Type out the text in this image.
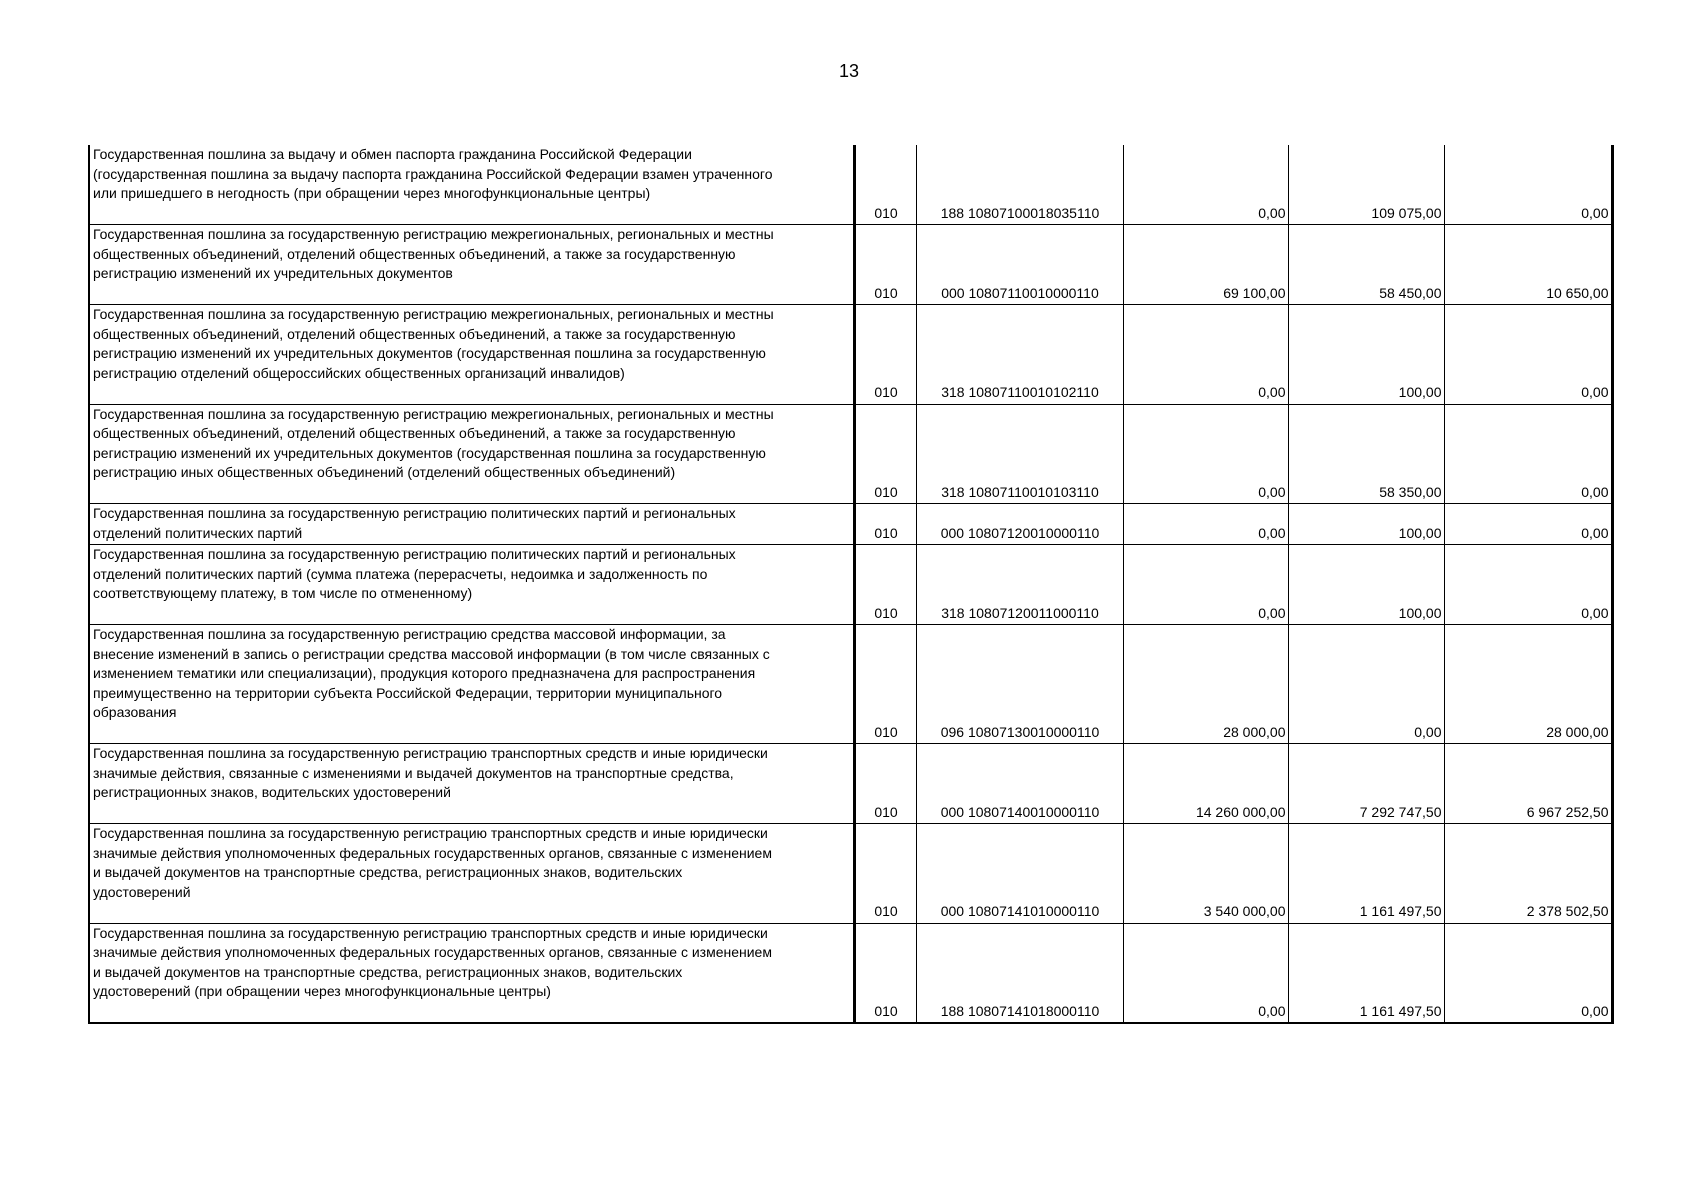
13
Государственная пошлина за выдачу и обмен паспорта гражданина Российской Федерации
(государственная пошлина за выдачу паспорта гражданина Российской Федерации взамен утраченного
или пришедшего в негодность (при обращении через многофункциональные центры)	010	188 10807100018035110	0,00	109 075,00	0,00

Государственная пошлина за государственную регистрацию межрегиональных, региональных и местны
общественных объединений, отделений общественных объединений, а также за государственную
регистрацию изменений их учредительных документов	010	000 10807110010000110	69 100,00	58 450,00	10 650,00

Государственная пошлина за государственную регистрацию межрегиональных, региональных и местны
общественных объединений, отделений общественных объединений, а также за государственную
регистрацию изменений их учредительных документов (государственная пошлина за государственную
регистрацию отделений общероссийских общественных организаций инвалидов)	010	318 10807110010102110	0,00	100,00	0,00

Государственная пошлина за государственную регистрацию межрегиональных, региональных и местны
общественных объединений, отделений общественных объединений, а также за государственную
регистрацию изменений их учредительных документов (государственная пошлина за государственную
регистрацию иных общественных объединений (отделений общественных объединений)	010	318 10807110010103110	0,00	58 350,00	0,00

Государственная пошлина за государственную регистрацию политических партий и региональных
отделений политических партий	010	000 10807120010000110	0,00	100,00	0,00

Государственная пошлина за государственную регистрацию политических партий и региональных
отделений политических партий (сумма платежа (перерасчеты, недоимка и задолженность по
соответствующему платежу, в том числе по отмененному)	010	318 10807120011000110	0,00	100,00	0,00

Государственная пошлина за государственную регистрацию средства массовой информации, за
внесение изменений в запись о регистрации средства массовой информации (в том числе связанных с
изменением тематики или специализации), продукция которого предназначена для распространения
преимущественно на территории субъекта Российской Федерации, территории муниципального
образования	010	096 10807130010000110	28 000,00	0,00	28 000,00

Государственная пошлина за государственную регистрацию транспортных средств и иные юридически
значимые действия, связанные с изменениями и выдачей документов на транспортные средства,
регистрационных знаков, водительских удостоверений	010	000 10807140010000110	14 260 000,00	7 292 747,50	6 967 252,50

Государственная пошлина за государственную регистрацию транспортных средств и иные юридически
значимые действия уполномоченных федеральных государственных органов, связанные с изменением
и выдачей документов на транспортные средства, регистрационных знаков, водительских
удостоверений	010	000 10807141010000110	3 540 000,00	1 161 497,50	2 378 502,50

Государственная пошлина за государственную регистрацию транспортных средств и иные юридически
значимые действия уполномоченных федеральных государственных органов, связанные с изменением
и выдачей документов на транспортные средства, регистрационных знаков, водительских
удостоверений (при обращении через многофункциональные центры)	010	188 10807141018000110	0,00	1 161 497,50	0,00
